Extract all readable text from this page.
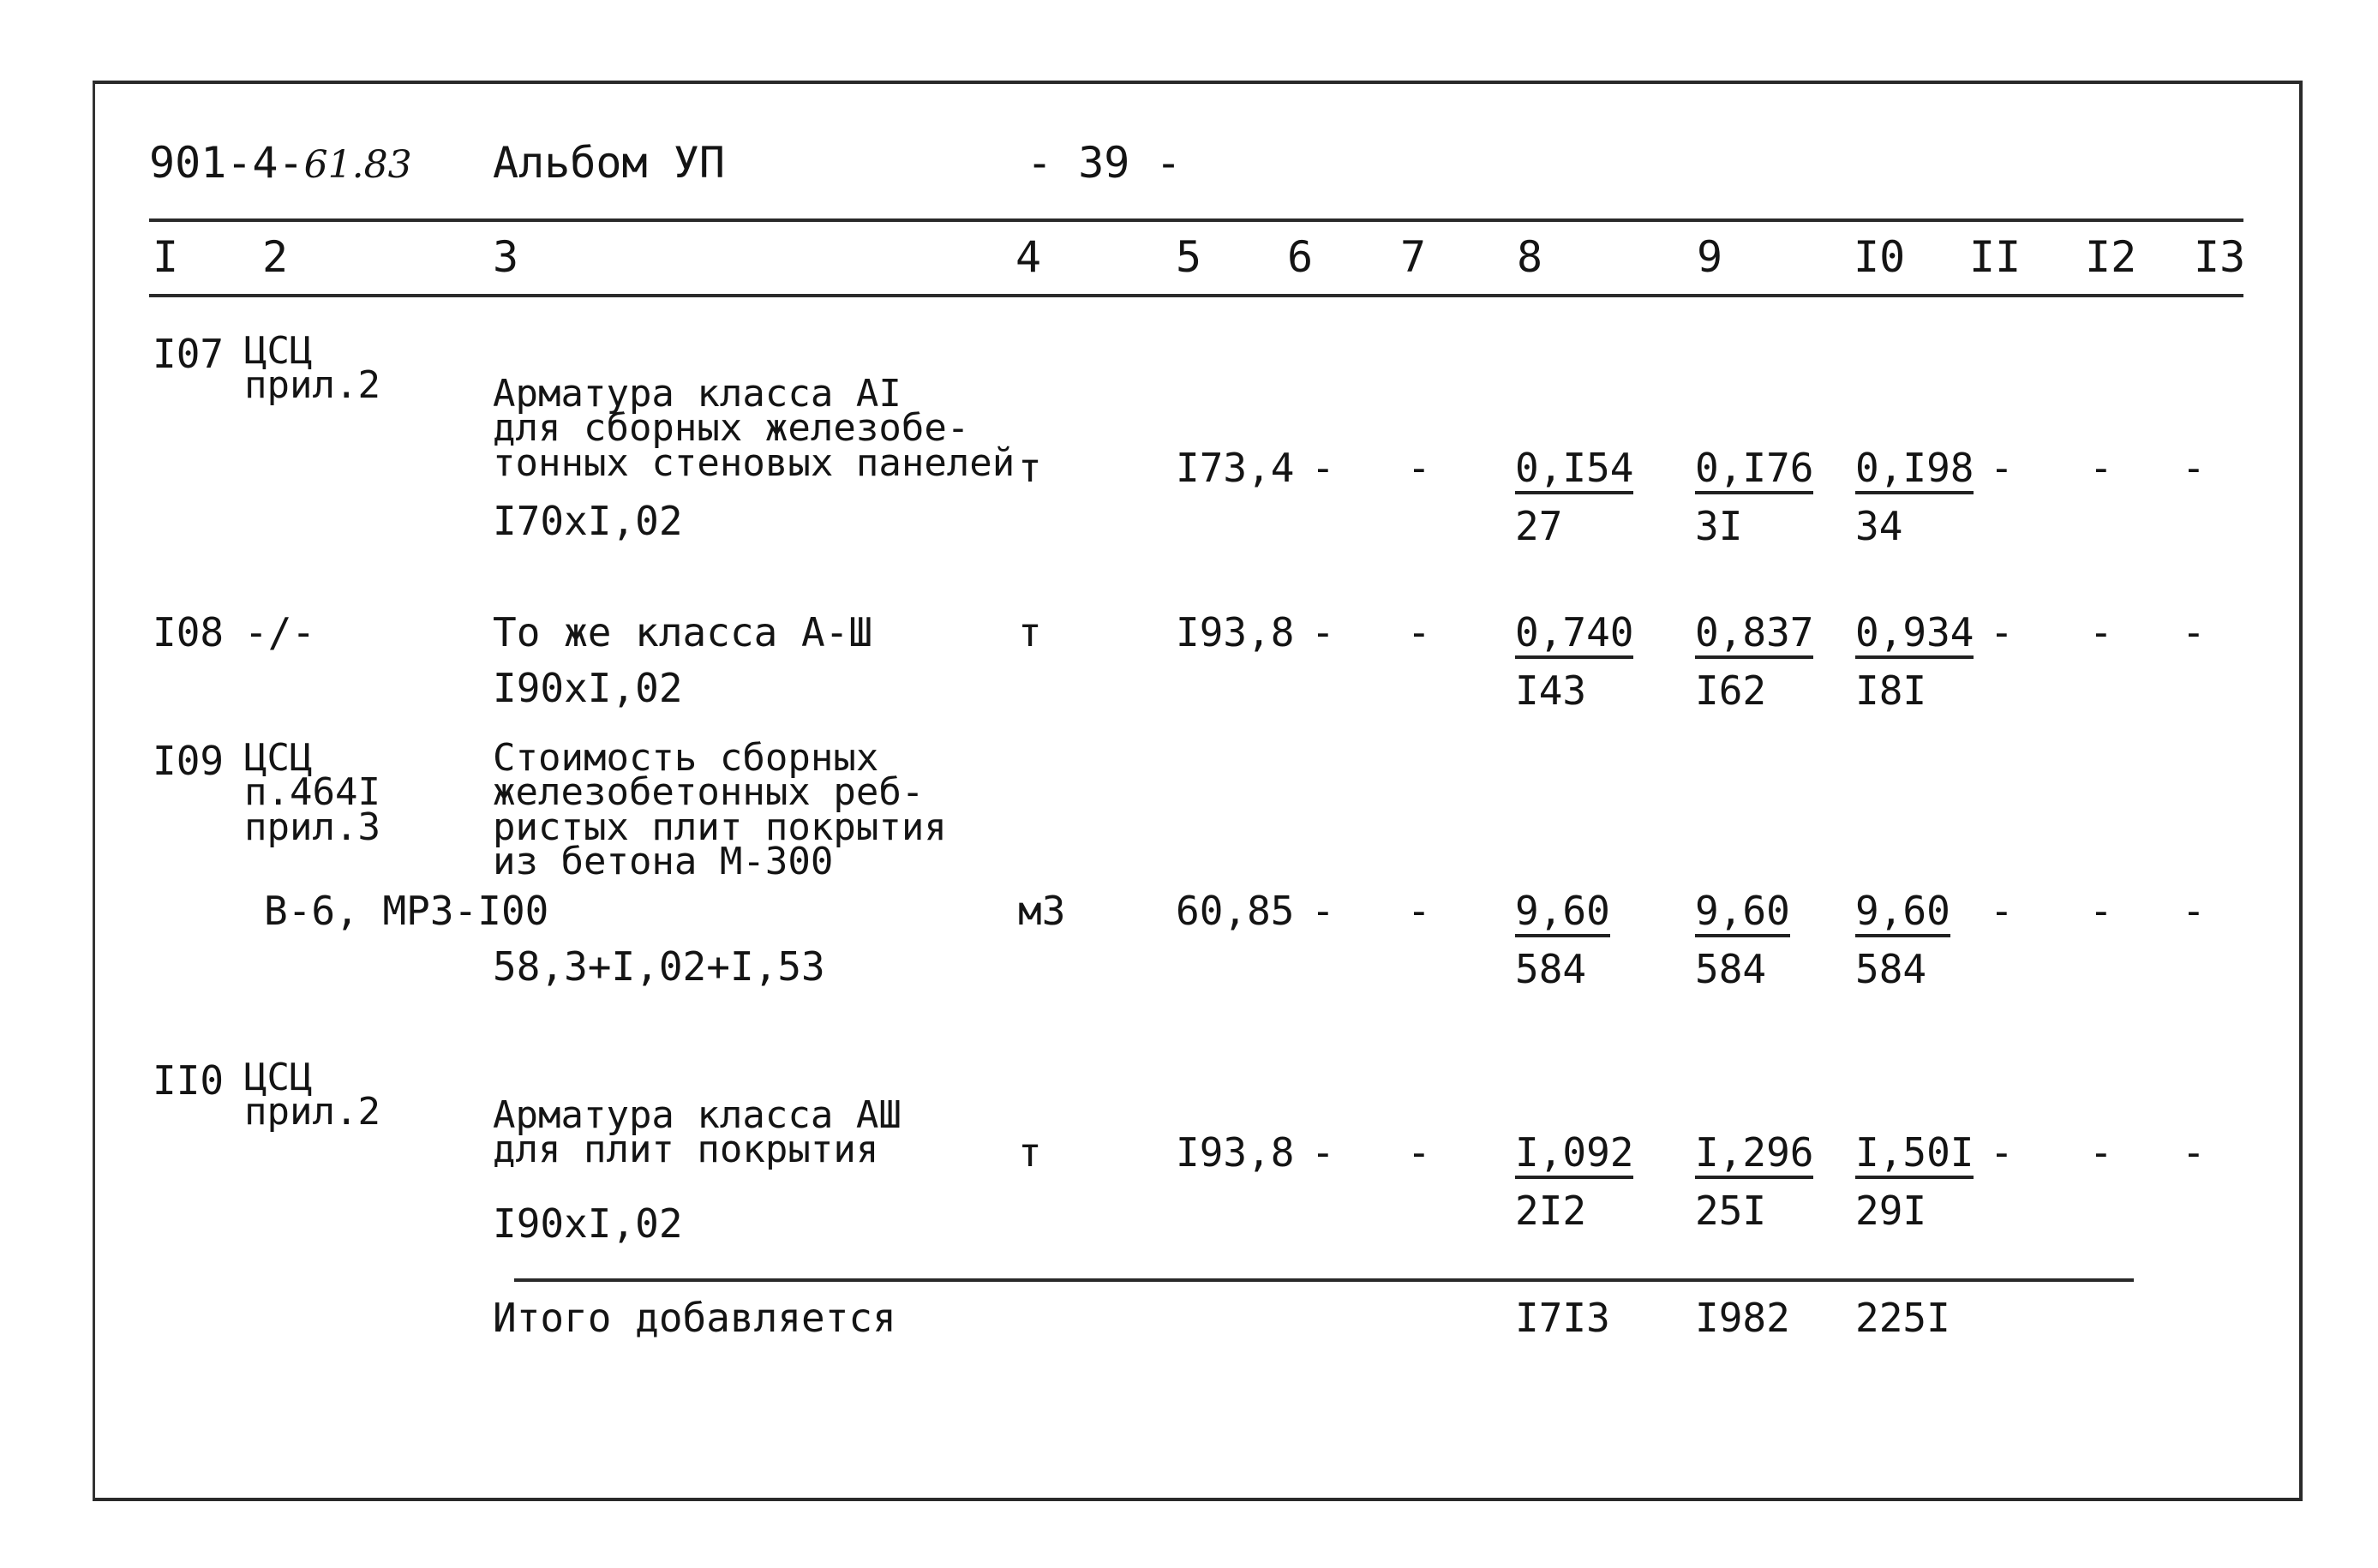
901-4-61.83 Альбом УП	- 39 -
I 2	3	4	5 6 7 8	9	I0 II I2 I3
I07 ЦСЦ
прил.2	Арматура класса AI
для сборных железобе-
тонных стеновых панелей т	I73,4 - - $\frac{0,I54}{27} \frac{0,I76}{3I} \frac{0,I98}{34}$ - - -
I70xI,02
I08 -/-	То же класса А-Ш	т	I93,8 - - $\frac{0,740}{I43} \frac{0,837}{I62} \frac{0,934}{I8I}$ - - -
I90xI,02
I09 ЦСЦ
п.464I
прил.3
Стоимость сборных
железобетонных реб-
ристых плит покрытия
из бетона М-300
В-6, МРЗ-I00	м3	60,85 - - $\frac{9,60}{584} \frac{9,60}{584} \frac{9,60}{584}$ - - -
58,3+I,02+I,53
II0 ЦСЦ
прил.2	Арматура класса АШ
для плит покрытия	т	I93,8 - - $\frac{I,092}{2I2} \frac{I,296}{25I} \frac{I,50I}{29I}$ - - -
I90xI,02
Итого добавляется	I7I3 I982 225I
